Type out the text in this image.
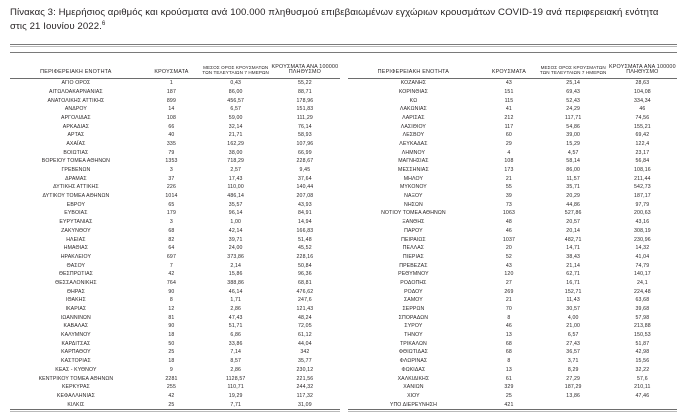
Πίνακας 3: Ημερήσιος αριθμός και κρούσματα ανά 100.000 πληθυσμού επιβεβαιωμένων εγχώριων κρουσμάτων COVID-19 ανά περιφερειακή ενότητα στις 21 Ιουνίου 2022.$^6$
ΠΕΡΙΦΕΡΕΙΑΚΗ ΕΝΟΤΗΤΑ	ΚΡΟΥΣΜΑΤΑ	ΜΕΣΟΣ ΟΡΟΣ ΚΡΟΥΣΜΑΤΩΝ
ΤΩΝ ΤΕΛΕΥΤΑΙΩΝ 7 ΗΜΕΡΩΝ	ΚΡΟΥΣΜΑΤΑ ΑΝΑ 100000
ΠΛΗΘΥΣΜΟ

ΑΓΙΟ ΟΡΟΣ	1	0,43	55,22
ΑΙΤΩΛΟΑΚΑΡΝΑΝΙΑΣ	187	86,00	88,71
ΑΝΑΤΟΛΙΚΗΣ ΑΤΤΙΚΗΣ	899	456,57	178,96
ΑΝΔΡΟΥ	14	6,57	151,83
ΑΡΓΟΛΙΔΑΣ	108	59,00	111,29
ΑΡΚΑΔΙΑΣ	66	32,14	76,14
ΑΡΤΑΣ	40	21,71	58,93
ΑΧΑΪΑΣ	335	162,29	107,96
ΒΟΙΩΤΙΑΣ	79	38,00	66,99
ΒΟΡΕΙΟΥ ΤΟΜΕΑ ΑΘΗΝΩΝ	1353	718,29	228,67
ΓΡΕΒΕΝΩΝ	3	2,57	9,45
ΔΡΑΜΑΣ	37	17,43	37,64
ΔΥΤΙΚΗΣ ΑΤΤΙΚΗΣ	226	110,00	140,44
ΔΥΤΙΚΟΥ ΤΟΜΕΑ ΑΘΗΝΩΝ	1014	486,14	207,08
ΕΒΡΟΥ	65	35,57	43,93
ΕΥΒΟΙΑΣ	179	96,14	84,91
ΕΥΡΥΤΑΝΙΑΣ	3	1,00	14,94
ΖΑΚΥΝΘΟΥ	68	42,14	166,83
ΗΛΕΙΑΣ	82	39,71	51,48
ΗΜΑΘΙΑΣ	64	24,00	45,52
ΗΡΑΚΛΕΙΟΥ	697	373,86	228,16
ΘΑΣΟΥ	7	2,14	50,84
ΘΕΣΠΡΩΤΙΑΣ	42	15,86	96,36
ΘΕΣΣΑΛΟΝΙΚΗΣ	764	388,86	68,81
ΘΗΡΑΣ	90	46,14	476,62
ΙΘΑΚΗΣ	8	1,71	247,6
ΙΚΑΡΙΑΣ	12	2,86	121,43
ΙΩΑΝΝΙΝΩΝ	81	47,43	48,24
ΚΑΒΑΛΑΣ	90	51,71	72,05
ΚΑΛΥΜΝΟΥ	18	6,86	61,12
ΚΑΡΔΙΤΣΑΣ	50	33,86	44,04
ΚΑΡΠΑΘΟΥ	25	7,14	342
ΚΑΣΤΟΡΙΑΣ	18	8,57	35,77
ΚΕΑΣ - ΚΥΘΝΟΥ	9	2,86	230,12
ΚΕΝΤΡΙΚΟΥ ΤΟΜΕΑ ΑΘΗΝΩΝ	2281	1128,57	221,56
ΚΕΡΚΥΡΑΣ	255	110,71	244,32
ΚΕΦΑΛΛΗΝΙΑΣ	42	19,29	117,32
ΚΙΛΚΙΣ	25	7,71	31,09
ΠΕΡΙΦΕΡΕΙΑΚΗ ΕΝΟΤΗΤΑ	ΚΡΟΥΣΜΑΤΑ	ΜΕΣΟΣ ΟΡΟΣ ΚΡΟΥΣΜΑΤΩΝ
ΤΩΝ ΤΕΛΕΥΤΑΙΩΝ 7 ΗΜΕΡΩΝ	ΚΡΟΥΣΜΑΤΑ ΑΝΑ 100000
ΠΛΗΘΥΣΜΟ

ΚΟΖΑΝΗΣ	43	25,14	28,63
ΚΟΡΙΝΘΙΑΣ	151	69,43	104,08
ΚΩ	115	52,43	334,34
ΛΑΚΩΝΙΑΣ	41	24,29	46
ΛΑΡΙΣΑΣ	212	117,71	74,56
ΛΑΣΙΘΙΟΥ	117	54,86	155,21
ΛΕΣΒΟΥ	60	39,00	69,42
ΛΕΥΚΑΔΑΣ	29	15,29	122,4
ΛΗΜΝΟΥ	4	4,57	23,17
ΜΑΓΝΗΣΙΑΣ	108	58,14	56,84
ΜΕΣΣΗΝΙΑΣ	173	86,00	108,16
ΜΗΛΟΥ	21	11,57	211,44
ΜΥΚΟΝΟΥ	55	35,71	542,73
ΝΑΞΟΥ	39	20,29	187,17
ΝΗΣΩΝ	73	44,86	97,79
ΝΟΤΙΟΥ ΤΟΜΕΑ ΑΘΗΝΩΝ	1063	527,86	200,63
ΞΑΝΘΗΣ	48	20,57	43,16
ΠΑΡΟΥ	46	20,14	308,19
ΠΕΙΡΑΙΩΣ	1037	482,71	230,96
ΠΕΛΛΑΣ	20	14,71	14,32
ΠΙΕΡΙΑΣ	52	38,43	41,04
ΠΡΕΒΕΖΑΣ	43	21,14	74,79
ΡΕΘΥΜΝΟΥ	120	62,71	140,17
ΡΟΔΟΠΗΣ	27	16,71	24,1
ΡΟΔΟΥ	269	152,71	224,48
ΣΑΜΟΥ	21	11,43	63,68
ΣΕΡΡΩΝ	70	30,57	39,68
ΣΠΟΡΑΔΩΝ	8	4,00	57,98
ΣΥΡΟΥ	46	21,00	213,88
ΤΗΝΟΥ	13	6,57	150,53
ΤΡΙΚΑΛΩΝ	68	27,43	51,87
ΦΘΙΩΤΙΔΑΣ	68	36,57	42,98
ΦΛΩΡΙΝΑΣ	8	3,71	15,56
ΦΩΚΙΔΑΣ	13	8,29	32,22
ΧΑΛΚΙΔΙΚΗΣ	61	27,29	57,6
ΧΑΝΙΩΝ	329	187,29	210,11
ΧΙΟΥ	25	13,86	47,46
ΥΠΟ ΔΙΕΡΕΥΝΗΣΗ	421		
